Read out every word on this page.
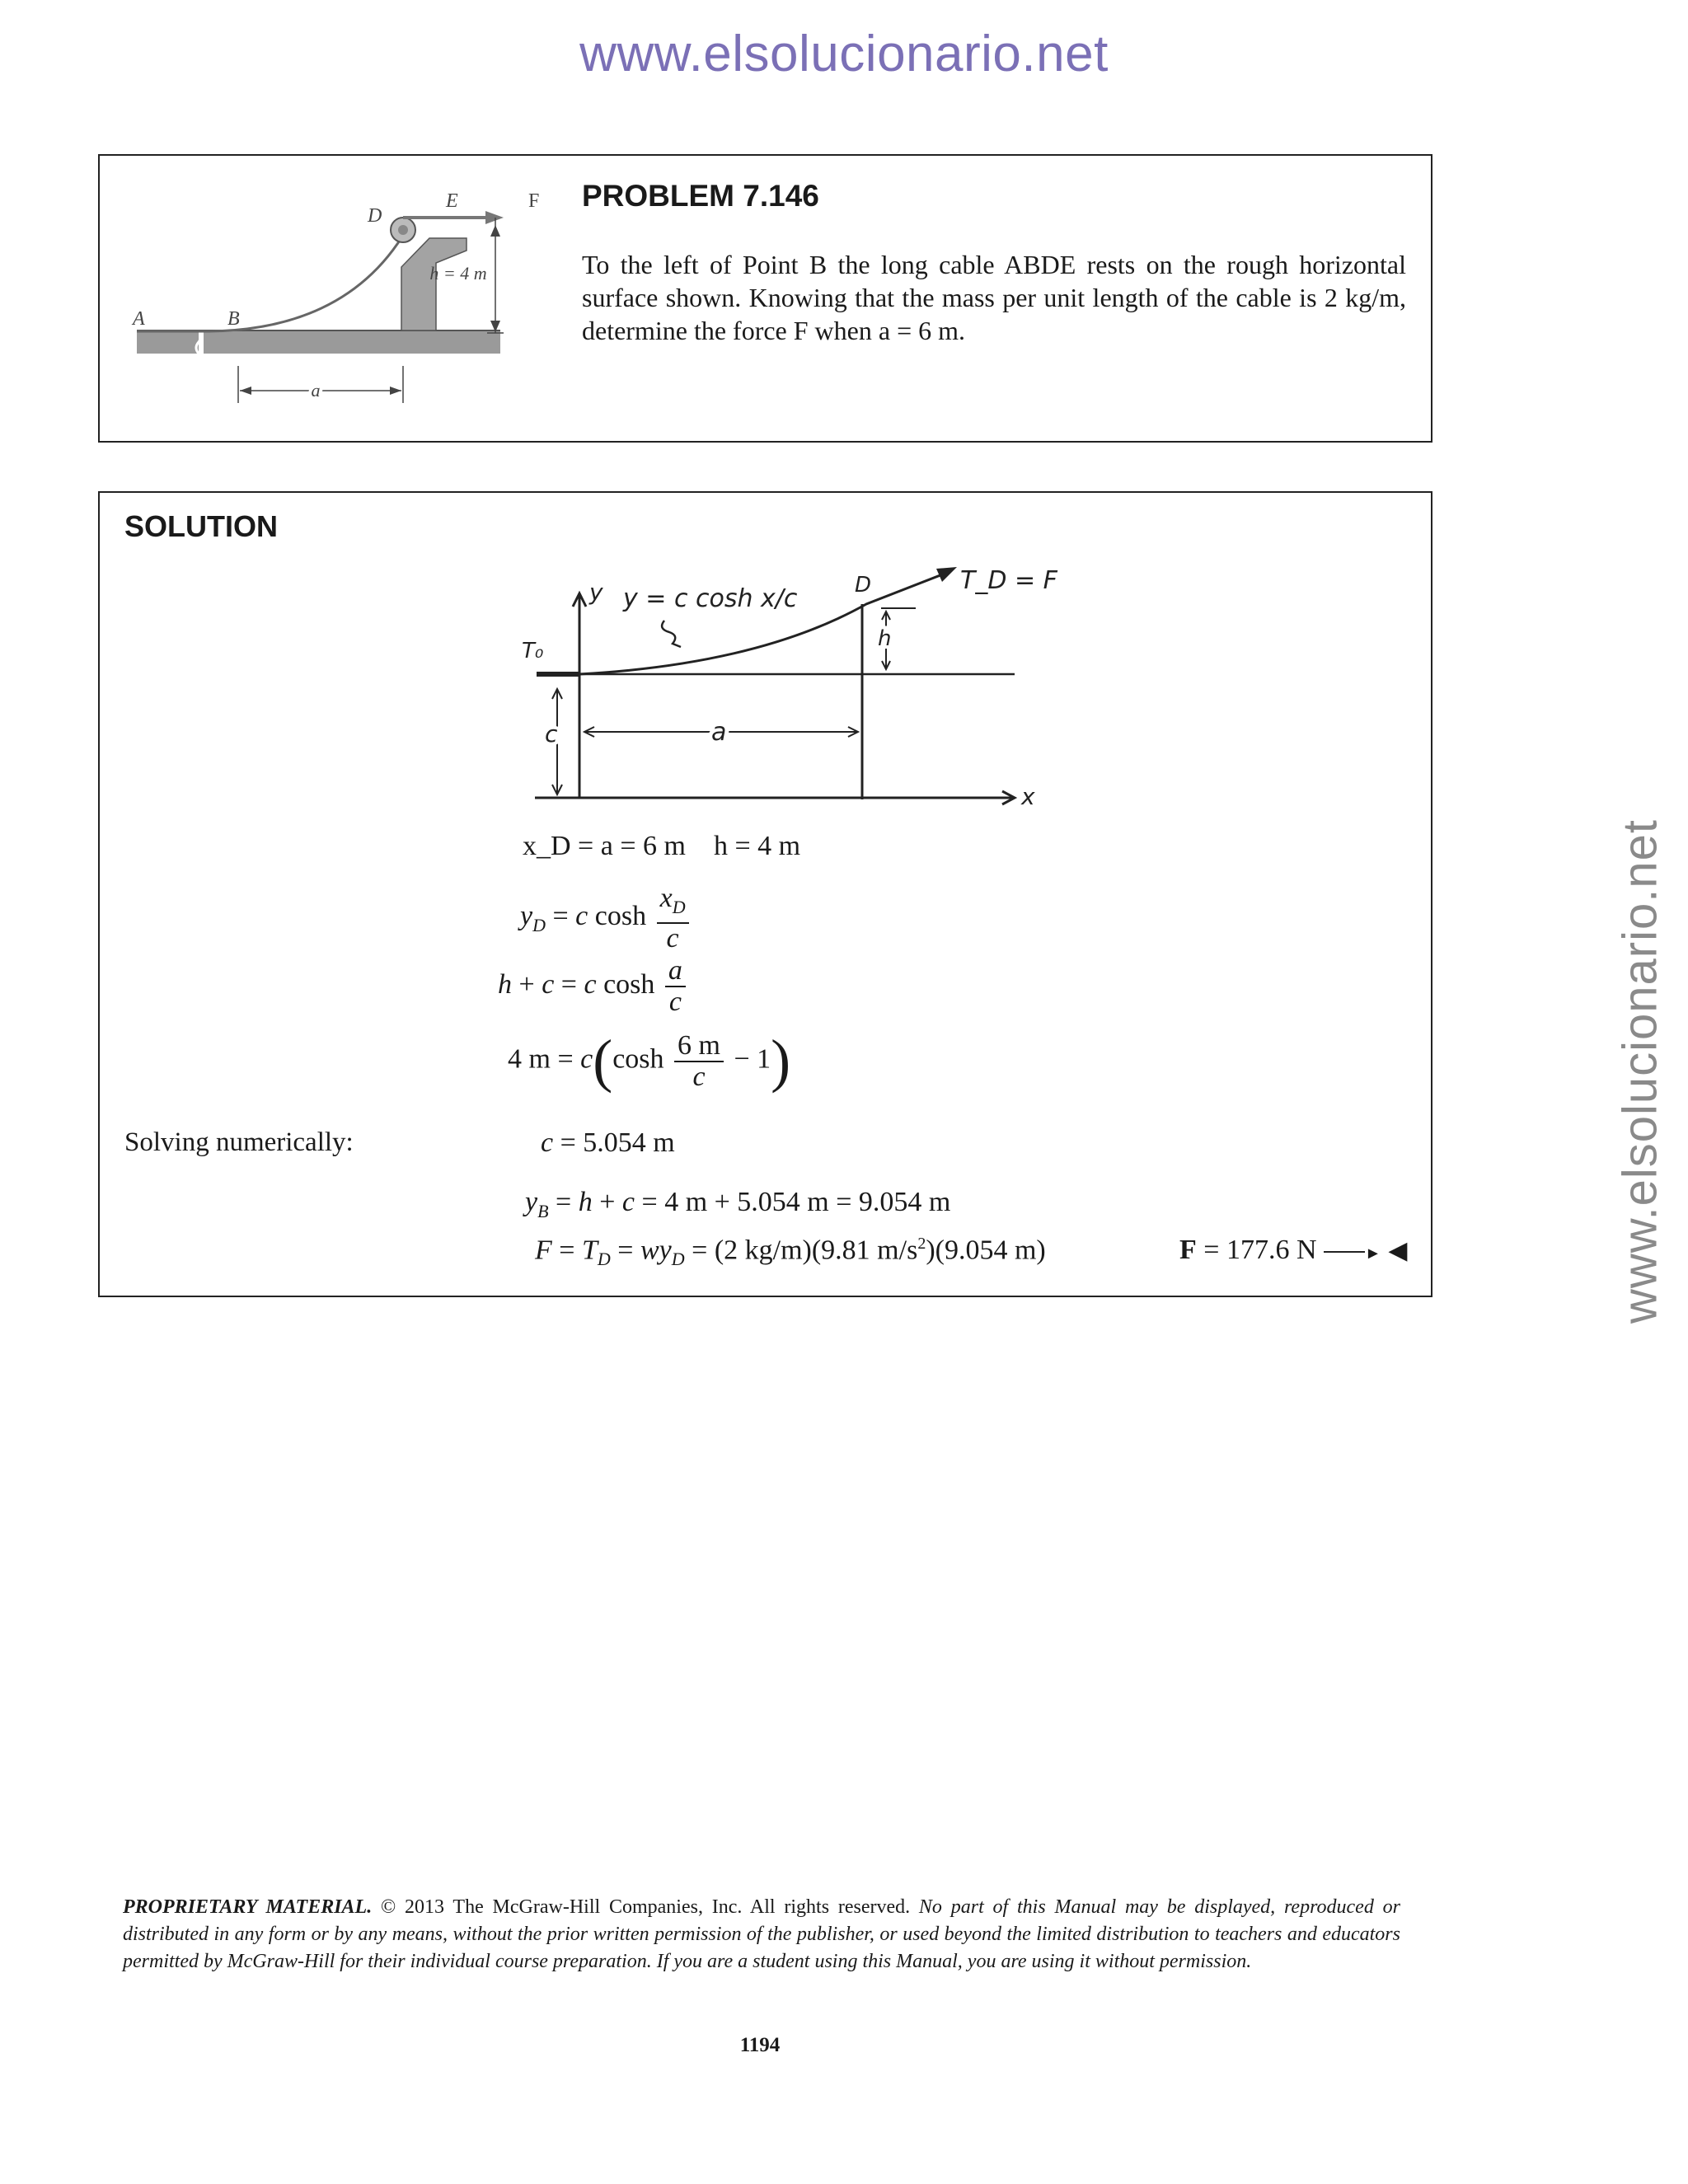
www.elsolucionario.net
www.elsolucionario.net
A	B
D
E	F
h = 4 m
a
PROBLEM 7.146
To the left of Point B the long cable ABDE rests on the rough horizontal surface shown. Knowing that the mass per unit length of the cable is 2 kg/m, determine the force F when a = 6 m.
SOLUTION
y = c cosh x/c
y
x
T₀
c	a
h
D	T_D = F
x_D = a = 6 m    h = 4 m
$y_D = c$ $\cosh \frac{x_D}{c}$
h + c = c $\cosh \frac{a}{c}$
4 $m = c(\cosh \frac{6 m}{c} - 1)$
Solving numerically:	c = 5.054 m
$y_B = h + c = 4$ m + 5.054 m = 9.054 m
$F = T_D = wy_D = (2$ kg/m)(9.81 $m/s^2)(9.054$ m)	F = 177.6 N	► ◀
PROPRIETARY MATERIAL. © 2013 The McGraw-Hill Companies, Inc. All rights reserved. No part of this Manual may be displayed, reproduced or distributed in any form or by any means, without the prior written permission of the publisher, or used beyond the limited distribution to teachers and educators permitted by McGraw-Hill for their individual course preparation. If you are a student using this Manual, you are using it without permission.
1194
